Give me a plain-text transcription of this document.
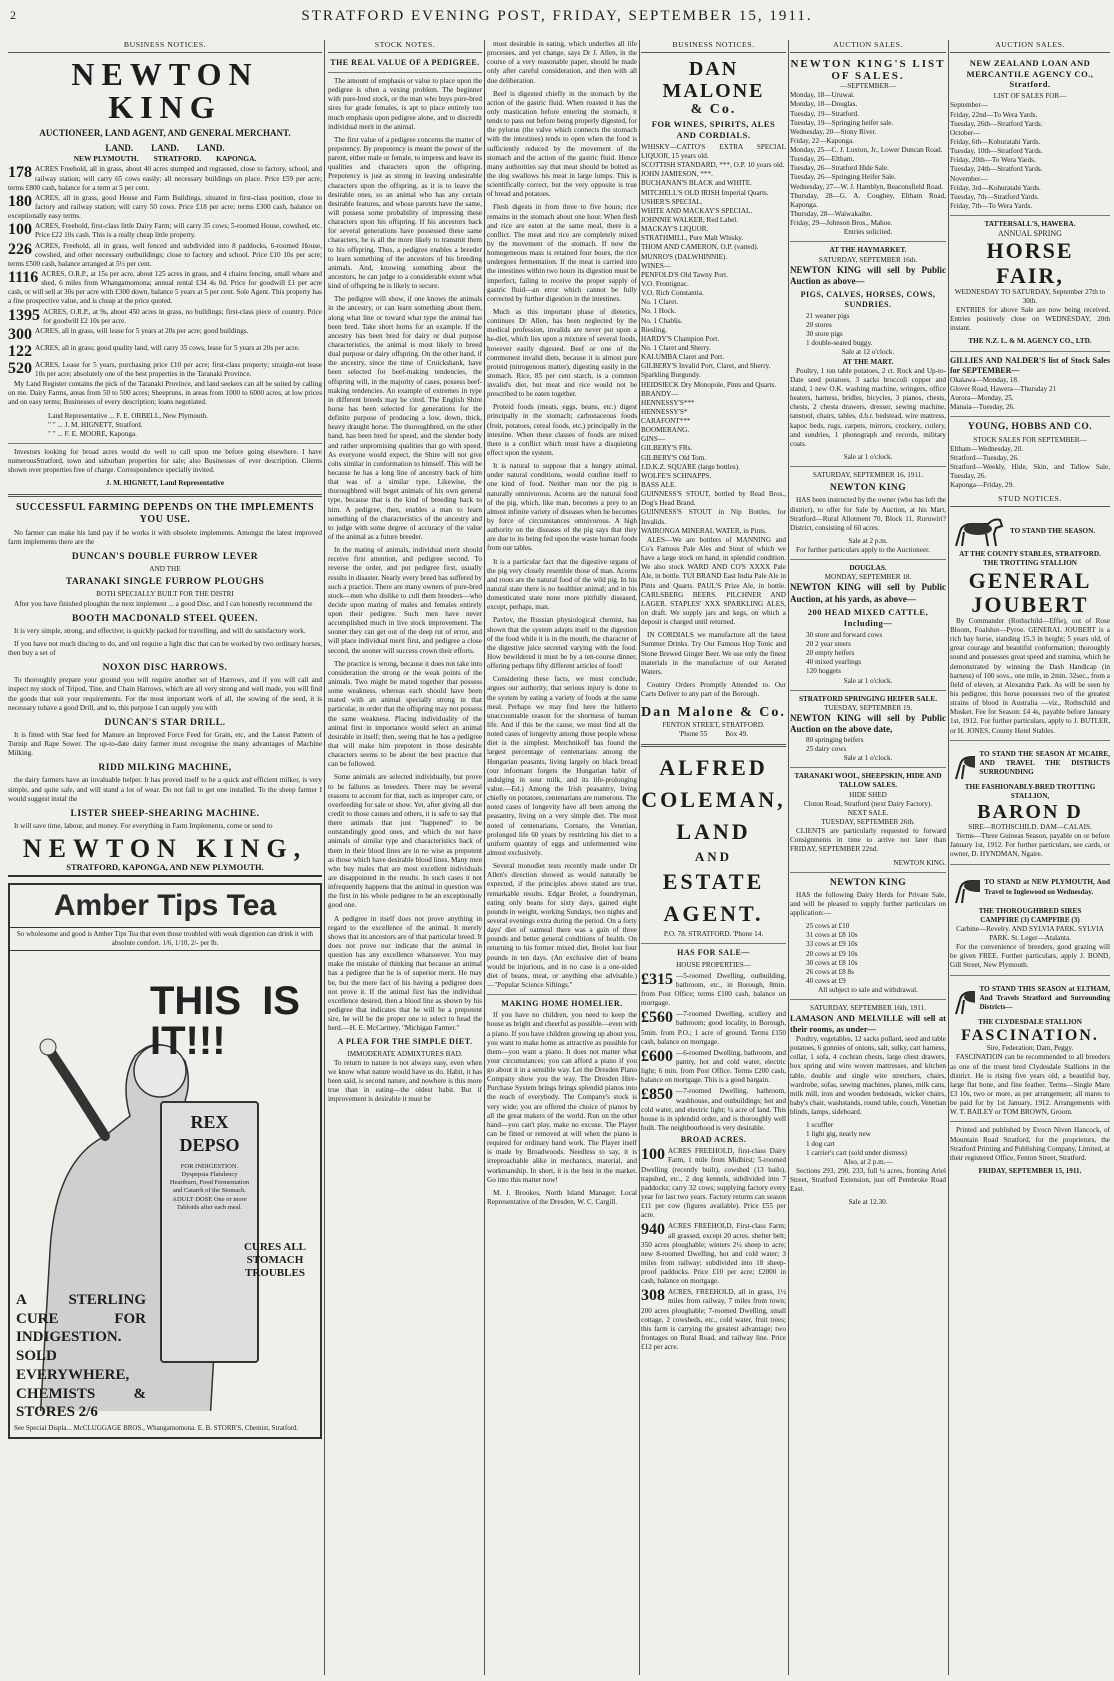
2	STRATFORD EVENING POST, FRIDAY, SEPTEMBER 15, 1911.
BUSINESS NOTICES.
NEWTON KING
AUCTIONEER, LAND AGENT, AND GENERAL MERCHANT.
LAND.        LAND.        LAND.
NEW PLYMOUTH.        STRATFORD.        KAPONGA.
178 ACRES Freehold, all in grass, about 40 acres stumped and regrassed, close to factory, school, and railway station; will carry 65 cows easily; all necessary buildings on place. Price £59 per acre; terms £800 cash, balance for a term at 5 per cent.
180 ACRES, all in grass, good House and Farm Buildings, situated in first-class position, close to factory and railway station; will carry 50 cows. Price £18 per acre; terms £300 cash, balance on exceptionally easy terms.
100 ACRES, Freehold, first-class little Dairy Farm; will carry 35 cows; 5-roomed House, cowshed, etc. Price £22 10s cash. This is a really cheap little property.
226 ACRES, Freehold, all in grass, well fenced and subdivided into 8 paddocks, 6-roomed House, cowshed, and other necessary outbuildings; close to factory and school. Price £10 10s per acre; terms £500 cash, balance arranged at 5½ per cent.
1116 ACRES, O.R.P., at 15s per acre, about 125 acres in grass, and 4 chains fencing, small whare and shed, 6 miles from Whangamomona; annual rental £34 4s 0d. Price for goodwill £1 per acre cash, or will sell at 30s per acre with £300 down, balance 5 years at 5 per cent. Sole Agent. This property has a fine prospective value, and is cheap at the price quoted.
1395 ACRES, O.R.P., at 9s, about 450 acres in grass, no buildings; first-class piece of country. Price for goodwill £2 10s per acre.
300 ACRES, all in grass, will lease for 5 years at 20s per acre; good buildings.
122 ACRES, all in grass; good quality land, will carry 35 cows, lease for 5 years at 20s per acre.
520 ACRES, Lease for 5 years, purchasing price £10 per acre; first-class property; straight-out lease 10s per acre; absolutely one of the best properties in the Taranaki Province.

My Land Register contains the pick of the Taranaki Province, and land seekers can all be suited by calling on me. Dairy Farms, areas from 50 to 500 acres; Sheepruns, in areas from 1000 to 6000 acres, at low prices and on easy terms; Businesses of every description; loans negotiated.

Land Representative ... F. E. ORBELL, New Plymouth.
" " ... J. M. HIGNETT, Stratford.
" " ... F. E. MOORE, Kaponga.

Investors looking for broad acres would do well to call upon me before going elsewhere. I have numerousStratford, town and suburban properties for sale; also Businesses of ever description. Clients shown over properties free of charge. Correspondence specially invited.

J. M. HIGNETT, Land Representative
SUCCESSFUL FARMING DEPENDS ON THE IMPLEMENTS YOU USE.

No farmer can make his land pay if he works it with obsolete implements. Amongst the latest improved farm implements there are the

DUNCAN'S DOUBLE FURROW LEVER
AND THE
TARANAKI SINGLE FURROW PLOUGHS
BOTH SPECIALLY BUILT FOR THE DISTRI

After you have finished ploughin the next implement ... a good Disc, and I can honestly recommend the

BOOTH MACDONALD STEEL QUEEN.

It is very simple, strong, and effective; is quickly packed for travelling, and will do satisfactory work.

If you have not much discing to do, and onl require a light disc that can be worked by two ordinary horses, then buy a set of

NOXON DISC HARROWS.

To thoroughly prepare your ground you will require another set of Harrows, and if you will call and inspect my stock of Tripod, Tine, and Chain Harrows, which are all very strong and well made, you will find the goods that suit your requirements. For the most important work of all, the sowing of the seed, it is necessary tohave a good Drill, and to, this purpose I can supply you with

DUNCAN'S STAR DRILL.

It is fitted with Star feed for Manure an Improved Force Feed for Grain, etc, and the Latest Pattern of Turnip and Rape Sower. The up-to-date dairy farmer must recognise the many advantages of Machine Milking.

RIDD MILKING MACHINE,

the dairy farmers have an invaluable helper. It has proved itself to be a quick and efficient milker, is very simple, and quite safe, and will stand a lot of wear. Do not fail to get one installed. To the sheep farmer I would suggest instal the

LISTER SHEEP-SHEARING MACHINE.

It will save time, labour, and money. For everything in Farm Implements, come or send to

NEWTON KING,
STRATFORD, KAPONGA, AND NEW PLYMOUTH.
Amber Tips Tea
So wholesome and good is Amber Tips Tea that even those troubled with weak digestion can drink it with absolute comfort. 1/6, 1/10, 2/- per lb.
THIS IS IT!!!
REX
DEPSO
FOR INDIGESTION. Dyspepsia Flatulency Heartburn, Food Fermentation and Catarrh of the Stomach. ADULT DOSE One or more Tabloids after each meal.
CURES ALL STOMACH TROUBLES
A STERLING CURE FOR INDIGESTION. SOLD EVERYWHERE, CHEMISTS & STORES 2/6
See Special Displa... McCLUGGAGE BROS., Whangamomona. E. B. STORR'S, Chemist, Stratford.
STOCK NOTES.
THE REAL VALUE OF A PEDIGREE.

The amount of emphasis or value to place upon the pedigree is often a vexing problem. The beginner with pure-bred stock, or the man who buys pure-bred sires for grade females, is apt to place entirely too much emphasis upon pedigree alone, and to discredit individual merit in the animal.

The first value of a pedigree concerns the matter of prepotency. By prepotency is meant the power of the parent, either male or female, to impress and leave its qualities and characters upon the offspring. Prepotency is just as strong in leaving undesirable characters upon the offspring, as it is to leave the desirable ones, so an animal who has any certain desirable features, and whose parents have the same, will possess some probability of impressing these characters upon his offspring. If his ancestors back for several generations have possessed these same characters, he is all the more likely to transmit them to his offspring. Thus, a pedigree enables a breeder to learn something of the ancestors of his breeding animals. And, knowing something about the ancestors, he can judge to a considerable extent what kind of offspring he is likely to secure.

The pedigree will show, if one knows the animals in the ancestry, or can learn something about them, along what line or toward what type the animal has been bred. Take short horns for an example. If the ancestry has been bred for dairy or dual purpose characteristics, the animal is most likely to breed dual purpose or dairy offspring. On the other hand, if the ancestry, since the time of Cruickshank, have been selected for beef-making tendencies, the offspring will, in the majority of cases, possess beef-making tendencies. An example of extremes in type in different breeds may be cited. The English Shire horse has been selected for generations for the definite purpose of producing a low, down, thick, heavy draught horse. The thoroughbred, on the other hand, has been bred for speed, and the slender body and rather unpromising qualities that go with speed. As everyone would expect, the Shire will not give colts similar in conformation to himself. This will be because he has a long line of ancestry back of him that was of a similar type. Likewise, the thoroughbred will beget animals of his own general type, because that is the kind of breeding back to him. A pedigree, then, enables a man to learn something of the characteristics of the ancestry and to judge with some degree of accuracy of the value of the animal as a future breeder.

In the mating of animals, individual merit should receive first attention, and pedigree second. To reverse the order, and put pedigree first, usually results in disaster. Nearly every breed has suffered by such a practice. There are many owners of pure-bred stock—men who dislike to cull them breeders—who decide upon mating of males and females entirely upon their pedigree. Such men have never accomplished much in live stock improvement. The sooner they can get out of the deep rut of error, and will place individual merit first, and pedigree a close second, the sooner will success crown their efforts.

The practice is wrong, because it does not take into consideration the strong or the weak points of the animals. Two might be mated together that possess some weakness, whereas each should have been mated with an animal specially strong in that particular, in order that the offspring may not possess the same weakness. Placing individuality of the animal first in importance would select an animal desirable in itself; then, seeing that he has a pedigree that will make him prepotent in those desirable characters seems to be about the best practice that can be followed.

Some animals are selected individually, but prove to be failures as breeders. There may be several reasons to account for that, such as improper care, or overfeeding for sale or show. Yet, after giving all due credit to those causes and others, it is safe to say that there animals that just "happened" to be outstandingly good ones, and which do not have animals of similar type and characteristics back of them in their blood lines are in no wise as prepotent as those which have desirable blood lines. Many men who buy males that are most excellent individuals are disappointed in the results. In such cases it not infrequently happens that the animal in question was the first in his whole pedigree to be an exceptionally good one.

A pedigree in itself does not prove anything in regard to the excellence of the animal. It merely shows that its ancestors are of that particular breed. It does not prove nor indicate that the animal in question has any excellence whatsoever. You may make the mistake of thinking that because an animal has a pedigree that he is of superior merit. He may be, but the mere fact of his having a pedigree does not prove it. If the animal first has the individual excellence desired, then a blood line as shown by his pedigree that indicates that he will be a prepotent sire, he will be the proper one to select to head the herd.—H. E. McCartney, "Michigan Farmer."

A PLEA FOR THE SIMPLE DIET.
IMMODERATE ADMIXTURES BAD.

To return to nature is not always easy, even when we know what nature would have us do. Habit, it has been said, is second nature, and nowhere is this more true than in eating—the oldest habit. But if improvement is desirable it must be

most desirable in eating, which underlies all life processes, and yet change, says Dr J. Allen, in the course of a very reasonable paper, should be made only after careful consideration, and then with all due deliberation.

Beef is digested chiefly in the stomach by the action of the gastric fluid. When roasted it has the only mastication before entering the stomach, it tends to pass out before being properly digested, for the pylorus (the valve which connects the stomach with the intestines) tends to open when the food is sufficiently reduced by the movement of the stomach and the action of the gastric fluid. Hence many authorities say that meat should be bolted as the dog swallows his meat in large lumps. This is scientifically correct, but the very opposite is true of bread and potatoes.

Flesh digests in from three to five hours; rice remains in the stomach about one hour. When flesh and rice are eaten at the same meal, there is a conflict. The meat and rice are completely mixed by the movement of the stomach. If now the homogeneous mass is retained four hours, the rice undergoes fermentation. If the meat is carried into the intestines within two hours its digestion must be imperfect, failing to receive the proper supply of gastric fluid—an error which cannot be fully corrected by further digestion in the intestines.

Much as this important phase of dietetics, continues Dr Allen, has been neglected by the medical profession, invalids are never put upon a he-diet, which lies upon a mixture of several foods, however easily digested. Beef or one of the commonest invalid diets, because it is almost pure proteid (nitrogenous matter), digesting easily in the stomach. Rice, 85 per cent starch, is a common invalid's diet, but meat and rice would not be prescribed to be eaten together.

Proteid foods (meats, eggs, beans, etc.) digest principally in the stomach; carbonaceous foods (fruit, potatoes, cereal foods, etc.) principally in the intestine. When these classes of foods are mixed there is a conflict which must have a disquieting effect upon the system.

It is natural to suppose that a hungry animal, under natural conditions, would confine itself to one kind of food. Neither man nor the pig is naturally omnivorous. Acorns are the natural food of the pig, which, like man, becomes a prey to an almost infinite variety of diseases when he becomes by force of circumstances omnivorous. A high authority on the diseases of the pig says that they are due to its being fed upon the waste human foods from our tables.

It is a particular fact that the digestive organs of the pig very closely resemble those of man. Acorns and roots are the natural food of the wild pig. In his natural state there is no healthier animal; and in his domesticated state none more pitifully diseased, except, perhaps, man.

Pavlov, the Russian physiological chemist, has shown that the system adapts itself to the digestion of the food while it is in the mouth, the character of the digestive juice secreted varying with the food. How bewildered it must be by a ten-course dinner, offering perhaps fifty different articles of food!

Considering these facts, we must conclude, argues our authority, that serious injury is done to the system by eating a variety of foods at the same meal. Perhaps we may find here the hitherto unaccountable reason for the shortness of human life. And if this be the cause, we must find all the noted cases of longevity among those people whose diet is the simplest. Metchnikoff has found the largest percentage of centenarians among the Hungarian peasants, living largely on black bread (our informant forgets the Hungarian habit of indulging in sour milk, and its life-prolonging value.—Ed.) Among the Irish peasantry, living chiefly on potatoes, centenarians are numerous. The noted cases of longevity have all been among the peasantry, living on a very simple diet. The most noted of centenarians, Cornaro, the Venetian, prolonged life 60 years by restricting his diet to a uniform quantity of eggs and unfermented wine almost exclusively.

Several monodiet tests recently made under Dr Allen's direction showed as would naturally be expected, if the principles above stated are true, remarkable results. Edgar Brolet, a foundryman, eating only beans for sixty days, gained eight pounds in weight, working Sundays, two nights and several evenings extra during the period. On a forty days' diet of oatmeal there was a gain of three pounds and better general conditions of health. On returning to his former mixed diet, Brolet lost four pounds in ten days. (An exclusive diet of beans would be injurious, and in no case is a one-sided diet of beans, meat, or anything else advisable.)—"Popular Science Siftings."

MAKING HOME HOMELIER.

If you have no children, you need to keep the house as bright and cheerful as possible—even with a piano. If you have children growing up about you, you want to make home as attractive as possible for them—you want a piano. It does not matter what your circumstances; you can afford a piano if you go about it in a sensible way. Let the Dresden Piano Company show you the way. The Dresden Hire-Purchase System brings brings splendid pianos into the reach of everybody. The Company's stock is very wide; you are offered the choice of pianos by all the great makers of the world. Run on the other hand—you can't play, make no excuse. The Player can be fitted or removed at will when the piano is required for ordinary hand work. The Player itself is made by Broadwoods. Needless to say, it is irreproachable alike in mechanics, material, and workmanship. In short, it is the best in the market. Go into this matter now!

M. J. Brookes, North Island Manager. Local Representative of the Dresden, W. C. Cargill.

BUSINESS NOTICES.
DAN MALONE
& Co.
FOR WINES, SPIRITS, ALES AND CORDIALS.
WHISKY—CATTO'S EXTRA SPECIAL LIQUOR, 15 years old.
SCOTTISH STANDARD, ***, O.P. 10 years old.
JOHN JAMIESON, ***.
BUCHANAN'S BLACK and WHITE.
MITCHELL'S OLD IRISH Imperial Quarts.
USHER'S SPECIAL.
WHITE AND MACKAY'S SPECIAL.
JOHNNIE WALKER, Red Label.
MACKAY'S LIQUOR.
STRATHMILL, Pure Malt Whisky.
THOM AND CAMERON, O.P. (vatted).
MUNRO'S (DALWHINNIE).
WINES—
PENFOLD'S Old Tawny Port.
V.O. Frontignac.
V.O. Rich Constantia.
No. 1 Claret.
No. 1 Hock.
No. 1 Chablis.
Riesling.
HARDY'S Champion Port.
No. 1 Claret and Sherry.
KALUMBA Claret and Port.
GILBERY'S Invalid Port, Claret, and Sherry.
Sparkling Burgundy.
HEIDSIECK Dry Monopole, Pints and Quarts.
BRANDY—
HENNESSY'S***
HENNESSY'S*
CARAFONT***
BOOMERANG.
GINS—
GILBERY'S FRs.
GILBERY'S Old Tom.
J.D.K.Z. SQUARE (large bottles).
WOLFE'S SCHNAPPS.
BASS ALE.
GUINNESS'S STOUT, bottled by Read Bros., Dog's Head Brand.
GUINNESS'S STOUT in Nip Bottles, for Invalids.
WAIRONGA MINERAL WATER, in Pints.

ALES—We are bottlers of MANNING and Co's Famous Pale Ales and Stout of which we have a large stock on hand, in splendid condition. We also stock WARD AND CO'S XXXX Pale Ale, in bottle. TUI BRAND East India Pale Ale in Pints and Quarts. PAUL'S Prize Ale, in bottle. CARLSBERG BEERS. PILCHNER AND LAGER. STAPLES' XXX SPARKLING ALES, on draft. We supply jars and kegs, on which a deposit is charged until returned.

IN CORDIALS we manufacture all the latest Summer Drinks. Try Our Famous Hop Tonic and Stone Brewed Ginger Beer. We use only the finest materials in the manufacture of our Aerated Waters.

Country Orders Promptly Attended to. Our Carts Deliver to any part of the Borough.

Dan Malone & Co.
FENTON STREET, STRATFORD.
'Phone 55          Box 49.
ALFRED
COLEMAN,
LAND
AND
ESTATE
AGENT.
P.O. 78. STRATFORD. 'Phone 14.
HAS FOR SALE—
HOUSE PROPERTIES—
£315 —5-roomed Dwelling, outbuilding, bathroom, etc., in Borough, 8min. from Post Office; terms £100 cash, balance on mortgage.
£560 —7-roomed Dwelling, scullery and bathroom; good locality, in Borough, 5min. from P.O.; 1 acre of ground. Terms £150 cash, balance on mortgage.
£600 —6-roomed Dwelling, bathroom, and pantry, hot and cold water, electric light; 6 min. from Post Office. Terms £200 cash, balance on mortgage. This is a good bargain.
£850 —7-roomed Dwelling, bathroom, washhouse, and outbuildings; hot and cold water, and electric light; ¼ acre of land. This house is in splendid order, and is thoroughly well built. The neighbourhood is very desirable.
BROAD ACRES.
100 ACRES FREEHOLD, first-class Dairy Farm, 1 mile from Midhirst; 5-roomed Dwelling (recently built), cowshed (13 bails), trapshed, etc., 2 dog kennels, subdivided into 7 paddocks; carry 32 cows; supplying factory every year for last two years. Factory returns can season £11 per cow (figures available). Price £55 per acre.
940 ACRES FREEHOLD, First-class Farm; all grassed, except 20 acres. shelter belt; 350 acres ploughable; winters 2½ sheep to acre; new 8-roomed Dwelling, hot and cold water; 3 miles from railway; subdivided into 18 sheep-proof paddocks. Price £10 per acre; £2000 in cash, balance on mortgage.
308 ACRES, FREEHOLD, all in grass, 1½ miles from railway, 7 miles from town; 200 acres ploughable; 7-roomed Dwelling, small cottage, 2 cowsheds, etc., cold water, fruit trees; this farm is carrying the greatest advantage; two frontages on Rural Road, and railway line. Price £12 per acre.
AUCTION SALES.
NEWTON KING'S LIST OF SALES.
—SEPTEMBER—
Monday, 18—Uruwai.
Monday, 18—Douglas.
Tuesday, 19—Stratford.
Tuesday, 19—Springing heifer sale.
Wednesday, 20—Stony River.
Friday, 22—Kaponga.
Monday, 25—C. J. Luxton, Jr., Lower Duncan Road.
Tuesday, 26—Eltham.
Tuesday, 26—Stratford Hide Sale.
Tuesday, 26—Springing Heifer Sale.
Wednesday, 27—W. J. Hamblyn, Beaconsfield Road.
Thursday, 28—G. A. Coughey, Eltham Road, Kaponga.
Thursday, 28—Waiwakaiho.
Friday, 29—Johnson Bros., Mahoe.
Entries solicited.
AT THE HAYMARKET.
SATURDAY, SEPTEMBER 16th.
NEWTON KING will sell by Public Auction as above—
PIGS, CALVES, HORSES, COWS, SUNDRIES.
21 weaner pigs
20 stores
30 store pigs
1 double-seated buggy.
Sale at 12 o'clock.
AT THE MART.

Poultry, 1 ton table potatoes, 2 ct. Rock and Up-to-Date seed potatoes, 3 sacks broccoli copper and stand, 1 new O.K. washing machine, wringers, office heaters, harness, bridles, bicycles, 3 pianos, chests, chests, 2 chesta drawers, dresser, sewing machine, tanstool, chairs, tables, d.b.r. bedstead, wire mattress, kapoc beds, rugs, carpets, mirrors, crockery, cutlery, and sundries, 1 phonograph and records, military coats.

Sale at 1 o'clock.
SATURDAY, SEPTEMBER 16, 1911.
NEWTON KING

HAS been instructed by the owner (who has left the district), to offer for Sale by Auction, at his Mart, Stratford—Rural Allotment 70, Block 11, Ruruwiri? District, consisting of 60 acres.

Sale at 2 p.m.

For further particulars apply to the Auctioneer.

DOUGLAS.
MONDAY, SEPTEMBER 18.
NEWTON KING will sell by Public Auction, at his yards, as above—
200 HEAD MIXED CATTLE, Including—
30 store and forward cows
20 2 year steers
20 empty heifers
40 mixed yearlings
120 hoggets
Sale at 1 o'clock.
STRATFORD SPRINGING HEIFER SALE.
TUESDAY, SEPTEMBER 19,
NEWTON KING will sell by Public Auction on the above date,
80 springing heifers
25 dairy cows
Sale at 1 o'clock.
TARANAKI WOOL, SHEEPSKIN, HIDE AND TALLOW SALES.
HIDE SHED
Cloton Road, Stratford (next Dairy Factory).
NEXT SALE.
TUESDAY, SEPTEMBER 26th.

CLIENTS are particularly requested to forward Consignments in time to arrive not later than FRIDAY, SEPTEMBER 22nd.

NEWTON KING.
NEWTON KING

HAS the following Dairy Herds for Private Sale, and will be pleased to supply further particulars on application:—

25 cows at £10
31 cows at £8 10s
33 cows at £9 10s
20 cows at £9 10s
30 cows at £8 10s
26 cows at £8 8s
40 cows at £9
All subject to sale and withdrawal.
SATURDAY, SEPTEMBER 16th, 1911.
LAMASON AND MELVILLE will sell at their rooms, as under—

Poultry, vegetables, 12 sacks pollard, seed and table potatoes, 6 gunnies of onions, salt, sulky, cart harness, cellar, 1 sofa, 4 cochran chests, large chest drawers, box spring and wire woven mattresses, and kitchen table, double and single wire stretchers, chairs, wardrobe, sofas, sewing machines, planes, milk cans, milk mill, iron and wooden bedsteads, wicker chairs, baby's chair, washstands, round table, couch, Venetian blinds, lamps, sideboard.

1 scuffler
1 light gig, nearly new
1 dog cart
1 carrier's cart (sold under distress)
Also, at 2 p.m.—

Sections 293, 290, 233, full ¼ acres, fronting Ariel Street, Stratford Extension, just off Pembroke Road East.

Sale at 12.30.
AUCTION SALES.
NEW ZEALAND LOAN AND MERCANTILE AGENCY CO., Stratford.
LIST OF SALES FOR—
September—
Friday, 22nd—To Wera Yards.
Tuesday, 26th—Stratford Yards.
October—
Friday, 6th—Kohuratahi Yards.
Tuesday, 10th—Stratford Yards.
Friday, 20th—To Wera Yards.
Tuesday, 24th—Stratford Yards.
November—
Friday, 3rd—Kohuratahi Yards.
Tuesday, 7th—Stratford Yards.
Friday, 7th—To Wera Yards.
TATTERSALL'S, HAWERA.
ANNUAL SPRING
HORSE FAIR,
WEDNESDAY TO SATURDAY, September 27th to 30th.

ENTRIES for above Sale are now being received. Entries positively close on WEDNESDAY, 20th instant.

THE N.Z. L. & M. AGENCY CO., LTD.
GILLIES AND NALDER'S list of Stock Sales for SEPTEMBER—
Okaiawa—Monday, 18.
Glover Road, Hawera—Thursday 21
Aurora—Monday, 25.
Manaia—Tuesday, 26.
YOUNG, HOBBS AND CO.
STOCK SALES FOR SEPTEMBER—
Eltham—Wednesday, 20.
Stratford—Tuesday, 26.
Stratford—Weekly, Hide, Skin, and Tallow Sale, Tuesday, 26.
Kaponga—Friday, 29.
STUD NOTICES.
TO STAND THE SEASON.
AT THE COUNTY STABLES, STRATFORD.
THE TROTTING STALLION
GENERAL
JOUBERT

By Commander (Rothschild—Effie), out of Rose Bloom, Foalshot—Pyroe. GENERAL JOUBERT is a rich bay horse, standing 15.3 in height; 5 years old, of great courage and beautiful conformation; thoroughly sound and possesses great speed and stamina, which he demonstrated by winning the Dash Handicap (in harness) of 100 sovs., one mile, in 2min. 32sec., from a field of eleven, at Alexandra Park. As will be seen by his pedigree, this horse possesses two of the greatest strains of blood in Australia —viz., Rothschild and Musket. Fee for Season: £4 4s, payable before January 1st, 1912. For further particulars, apply to J. BUTLER, or H. JONES, County Hotel Stables.

TO STAND THE SEASON AT MCAIRE, AND TRAVEL THE DISTRICTS SURROUNDING
THE FASHIONABLY-BRED TROTTING STALLION,
BARON D
SIRE—ROTHSCHILD. DAM—CALAIS.

Terms—Three Guineas Season, payable on or before January 1st, 1912. For further particulars, see cards, or owner, D. HYNDMAN, Ngaire.

TO STAND at NEW PLYMOUTH, And Travel to Inglewood on Wednesday.
THE THOROUGHBRED SIRES
CAMPFIRE (3) CAMPFIRE (3)
Carbine—Revelry. AND SYLVIA PARK. SYLVIA PARK. St. Leger—Atalanta.

For the convenience of breeders, good grazing will be given FREE. Further particulars, apply J. BOND, Gill Street, New Plymouth.

TO STAND THIS SEASON at ELTHAM, And Travels Stratford and Surrounding Districts—
THE CLYDESDALE STALLION
FASCINATION.
Sire, Federation; Dam, Peggy.

FASCINATION can be recommended to all breeders as one of the truest bred Clydesdale Stallions in the district. He is rising five years old, a beautiful bay, large flat bone, and fine feather. Terms—Single Mare £3 10s, two or more, as per arrangement; all mares to be paid for by 1st January, 1912. Arrangements with W. T. BAILEY or TOM BROWN, Groom.

Printed and published by Evocn Niven Hancock, of Mountain Road Stratford, for the proprietors, the Stratford Printing and Publishing Company, Limited, at their registered Office, Fenton Street, Stratford.

FRIDAY, SEPTEMBER 15, 1911.
